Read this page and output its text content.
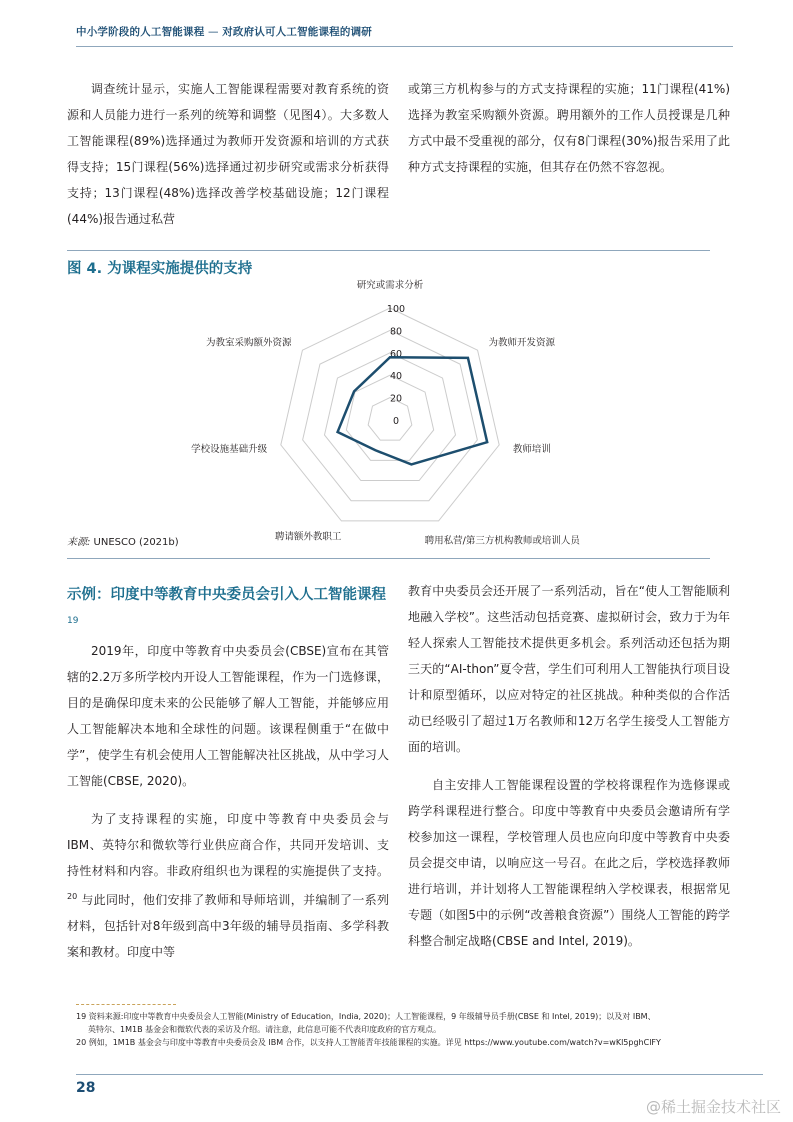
中小学阶段的人工智能课程 — 对政府认可人工智能课程的调研

调查统计显示，实施人工智能课程需要对教育系统的资源和人员能力进行一系列的统筹和调整（见图4）。大多数人工智能课程(89%)选择通过为教师开发资源和培训的方式获得支持；15门课程(56%)选择通过初步研究或需求分析获得支持；13门课程(48%)选择改善学校基础设施；12门课程(44%)报告通过私营

或第三方机构参与的方式支持课程的实施；11门课程(41%)选择为教室采购额外资源。聘用额外的工作人员授课是几种方式中最不受重视的部分，仅有8门课程(30%)报告采用了此种方式支持课程的实施，但其存在仍然不容忽视。

图 4. 为课程实施提供的支持
0
20
40
60
80
100
研究或需求分析
为教师开发资源
教师培训
聘用私营/第三方机构教师或培训人员
聘请额外教职工
学校设施基础升级
为教室采购额外资源
来源: UNESCO (2021b)
示例：印度中等教育中央委员会引入人工智能课程 $^{19}$

2019年，印度中等教育中央委员会(CBSE)宣布在其管辖的2.2万多所学校内开设人工智能课程，作为一门选修课，目的是确保印度未来的公民能够了解人工智能，并能够应用人工智能解决本地和全球性的问题。该课程侧重于“在做中学”，使学生有机会使用人工智能解决社区挑战，从中学习人工智能(CBSE, 2020)。

为了支持课程的实施，印度中等教育中央委员会与IBM、英特尔和微软等行业供应商合作，共同开发培训、支持性材料和内容。非政府组织也为课程的实施提供了支持。$^{20}$ 与此同时，他们安排了教师和导师培训，并编制了一系列材料，包括针对8年级到高中3年级的辅导员指南、多学科教案和教材。印度中等

教育中央委员会还开展了一系列活动，旨在“使人工智能顺利地融入学校”。这些活动包括竞赛、虚拟研讨会，致力于为年轻人探索人工智能技术提供更多机会。系列活动还包括为期三天的“AI-thon”夏令营，学生们可利用人工智能执行项目设计和原型循环，以应对特定的社区挑战。种种类似的合作活动已经吸引了超过1万名教师和12万名学生接受人工智能方面的培训。

自主安排人工智能课程设置的学校将课程作为选修课或跨学科课程进行整合。印度中等教育中央委员会邀请所有学校参加这一课程，学校管理人员也应向印度中等教育中央委员会提交申请，以响应这一号召。在此之后，学校选择教师进行培训，并计划将人工智能课程纳入学校课表，根据常见专题（如图5中的示例“改善粮食资源”）围绕人工智能的跨学科整合制定战略(CBSE and Intel, 2019)。

19 资料来源:印度中等教育中央委员会人工智能(Ministry of Education，India, 2020)；人工智能课程，9 年级辅导员手册(CBSE 和 Intel, 2019)；以及对 IBM、

英特尔、1M1B 基金会和微软代表的采访及介绍。请注意，此信息可能不代表印度政府的官方观点。

20 例如，1M1B 基金会与印度中等教育中央委员会及 IBM 合作，以支持人工智能青年技能课程的实施。详见 https://www.youtube.com/watch?v=wKl5pghClFY

28
@稀土掘金技术社区
